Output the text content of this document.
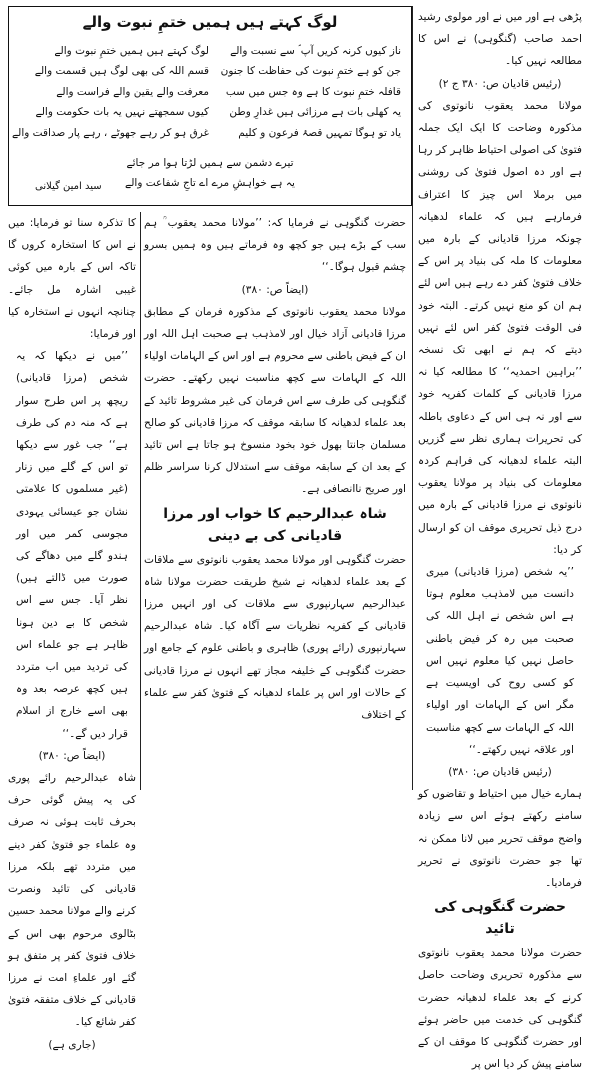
پڑھی ہے اور میں نے اور مولوی رشید احمد صاحب (گنگوہی) نے اس کا مطالعہ نہیں کیا۔

(رئیس قادیان ص: ۳۸۰ ج ۲)

مولانا محمد یعقوب نانوتوی کی مذکورہ وضاحت کا ایک ایک جملہ فتویٰ کی اصولی احتیاط ظاہر کر رہا ہے اور دہ اصول فتویٰ کی روشنی میں برملا اس چیز کا اعتراف فرمارہے ہیں کہ علماء لدھیانہ چونکہ مرزا قادیانی کے بارہ میں معلومات کا ملہ کی بنیاد پر اس کے خلاف فتویٰ کفر دے رہے ہیں اس لئے ہم ان کو منع نہیں کرتے۔ البتہ خود فی الوقت فتویٰ کفر اس لئے نہیں دیتے کہ ہم نے ابھی تک نسخہ ’’براہین احمدیہ‘‘ کا مطالعہ کیا نہ مرزا قادیانی کے کلمات کفریہ خود سے اور نہ ہی اس کے دعاوی باطلہ کی تحریرات ہماری نظر سے گزریں البتہ علماء لدھیانہ کی فراہم کردہ معلومات کی بنیاد پر مولانا یعقوب نانوتوی نے مرزا قادیانی کے بارہ میں درج ذیل تحریری موقف ان کو ارسال کر دیا:

’’یہ شخص (مرزا قادیانی) میری دانست میں لامذہب معلوم ہوتا ہے اس شخص نے اہل اللہ کی صحبت میں رہ کر فیض باطنی حاصل نہیں کیا معلوم نہیں اس کو کسی روح کی اویسیت ہے مگر اس کے الہامات اور اولیاء اللہ کے الہامات سے کچھ مناسبت اور علاقہ نہیں رکھتے۔‘‘

(رئیس قادیان ص: ۳۸۰)

ہمارے خیال میں احتیاط و تقاضوں کو سامنے رکھتے ہوئے اس سے زیادہ واضح موقف تحریر میں لانا ممکن نہ تھا جو حضرت نانوتوی نے تحریر فرمادیا۔

حضرت گنگوہی کی تائید

حضرت مولانا محمد یعقوب نانوتوی سے مذکورہ تحریری وضاحت حاصل کرنے کے بعد علماء لدھیانہ حضرت گنگوہی کی خدمت میں حاضر ہوئے اور حضرت گنگوہی کا موقف ان کے سامنے پیش کر دیا اس پر

لوگ کہتے ہیں ہمیں ختمِ نبوت والے
ناز کیوں کرنہ کریں آپ ؐ سے نسبت والے
جن کو ہے ختمِ نبوت کی حفاظت کا جنون
قافلہ ختمِ نبوت کا ہے وہ جس میں سب
یہ کھلی بات ہے مرزائی ہیں غدارِ وطن
یاد تو ہوگا تمہیں قصۂ فرعون و کلیم
لوگ کہتے ہیں ہمیں ختمِ نبوت والے
قسم اللہ کی بھی لوگ ہیں قسمت والے
معرفت والے یقین والے فراست والے
کیوں سمجھتے نہیں یہ بات حکومت والے
غرق ہو کر رہے جھوٹے ، رہے پار صداقت والے
تیرے دشمن سے ہمیں لڑتا ہوا مر جائے
یہ ہے خواہشِ مرے اے تاجِ شفاعت والے
سید امین گیلانی

حضرت گنگوہی نے فرمایا کہ: ’’مولانا محمد یعقوب ؒ ہم سب کے بڑے ہیں جو کچھ وہ فرماتے ہیں وہ ہمیں بسرو چشم قبول ہوگا۔‘‘

(ایضاً ص: ۳۸۰)

مولانا محمد یعقوب نانوتوی کے مذکورہ فرمان کے مطابق مرزا قادیانی آزاد خیال اور لامذہب ہے صحبت اہل اللہ اور ان کے فیض باطنی سے محروم ہے اور اس کے الہامات اولیاء اللہ کے الہامات سے کچھ مناسبت نہیں رکھتے۔ حضرت گنگوہی کی طرف سے اس فرمان کی غیر مشروط تائید کے بعد علماء لدھیانہ کا سابقہ موقف کہ مرزا قادیانی کو صالح مسلمان جانتا بھول خود بخود منسوخ ہو جاتا ہے اس تائید کے بعد ان کے سابقہ موقف سے استدلال کرنا سراسر ظلم اور صریح ناانصافی ہے۔

شاہ عبدالرحیم کا خواب اور مرزا قادیانی کی بے دینی

حضرت گنگوہی اور مولانا محمد یعقوب نانوتوی سے ملاقات کے بعد علماء لدھیانہ نے شیخ طریقت حضرت مولانا شاہ عبدالرحیم سہارنپوری سے ملاقات کی اور انہیں مرزا قادیانی کے کفریہ نظریات سے آگاہ کیا۔ شاہ عبدالرحیم سہارنپوری (رائے پوری) ظاہری و باطنی علوم کے جامع اور حضرت گنگوہی کے خلیفہ مجاز تھے انہوں نے مرزا قادیانی کے حالات اور اس پر علماء لدھیانہ کے فتویٰ کفر سے علماء کے اختلاف

کا تذکرہ سنا تو فرمایا: میں نے اس کا استخارہ کروں گا تاکہ اس کے بارہ میں کوئی غیبی اشارہ مل جائے۔ چنانچہ انہوں نے استخارہ کیا اور فرمایا:

’’میں نے دیکھا کہ یہ شخص (مرزا قادیانی) ریچھ پر اس طرح سوار ہے کہ منہ دم کی طرف ہے‘‘ جب غور سے دیکھا تو اس کے گلے میں زنار (غیر مسلموں کا علامتی نشان جو عیسائی یہودی مجوسی کمر میں اور ہندو گلے میں دھاگے کی صورت میں ڈالتے ہیں) نظر آیا۔ جس سے اس شخص کا بے دین ہونا ظاہر ہے جو علماء اس کی تردید میں اب متردد ہیں کچھ عرصہ بعد وہ بھی اسے خارج از اسلام قرار دیں گے۔‘‘

(ایضاً ص: ۳۸۰)

شاہ عبدالرحیم رائے پوری کی یہ پیش گوئی حرف بحرف ثابت ہوئی نہ صرف وہ علماء جو فتویٰ کفر دینے میں متردد تھے بلکہ مرزا قادیانی کی تائید ونصرت کرنے والے مولانا محمد حسین بٹالوی مرحوم بھی اس کے خلاف فتویٰ کفر پر متفق ہو گئے اور علماءِ امت نے مرزا قادیانی کے خلاف متفقہ فتویٰ کفر شائع کیا۔

(جاری ہے)
